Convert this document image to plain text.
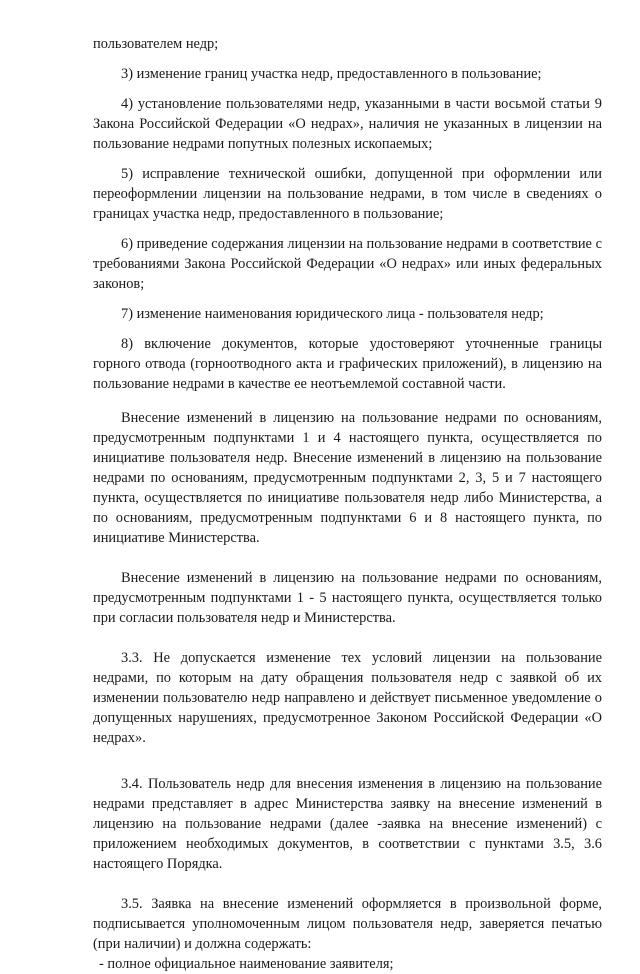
пользователем недр;

3) изменение границ участка недр, предоставленного в пользование;

4) установление пользователями недр, указанными в части восьмой статьи 9 Закона Российской Федерации «О недрах», наличия не указанных в лицензии на пользование недрами попутных полезных ископаемых;

5) исправление технической ошибки, допущенной при оформлении или переоформлении лицензии на пользование недрами, в том числе в сведениях о границах участка недр, предоставленного в пользование;

6) приведение содержания лицензии на пользование недрами в соответствие с требованиями Закона Российской Федерации «О недрах» или иных федеральных законов;

7) изменение наименования юридического лица - пользователя недр;

8) включение документов, которые удостоверяют уточненные границы горного отвода (горноотводного акта и графических приложений), в лицензию на пользование недрами в качестве ее неотъемлемой составной части.

Внесение изменений в лицензию на пользование недрами по основаниям, предусмотренным подпунктами 1 и 4 настоящего пункта, осуществляется по инициативе пользователя недр. Внесение изменений в лицензию на пользование недрами по основаниям, предусмотренным подпунктами 2, 3, 5 и 7 настоящего пункта, осуществляется по инициативе пользователя недр либо Министерства, а по основаниям, предусмотренным подпунктами 6 и 8 настоящего пункта, по инициативе Министерства.

Внесение изменений в лицензию на пользование недрами по основаниям, предусмотренным подпунктами 1 - 5 настоящего пункта, осуществляется только при согласии пользователя недр и Министерства.

3.3. Не допускается изменение тех условий лицензии на пользование недрами, по которым на дату обращения пользователя недр с заявкой об их изменении пользователю недр направлено и действует письменное уведомление о допущенных нарушениях, предусмотренное Законом Российской Федерации «О недрах».

3.4. Пользователь недр для внесения изменения в лицензию на пользование недрами представляет в адрес Министерства заявку на внесение изменений в лицензию на пользование недрами (далее -заявка на внесение изменений) с приложением необходимых документов, в соответствии с пунктами 3.5, 3.6 настоящего Порядка.

3.5. Заявка на внесение изменений оформляется в произвольной форме, подписывается уполномоченным лицом пользователя недр, заверяется печатью (при наличии) и должна содержать:

- полное официальное наименование заявителя;
